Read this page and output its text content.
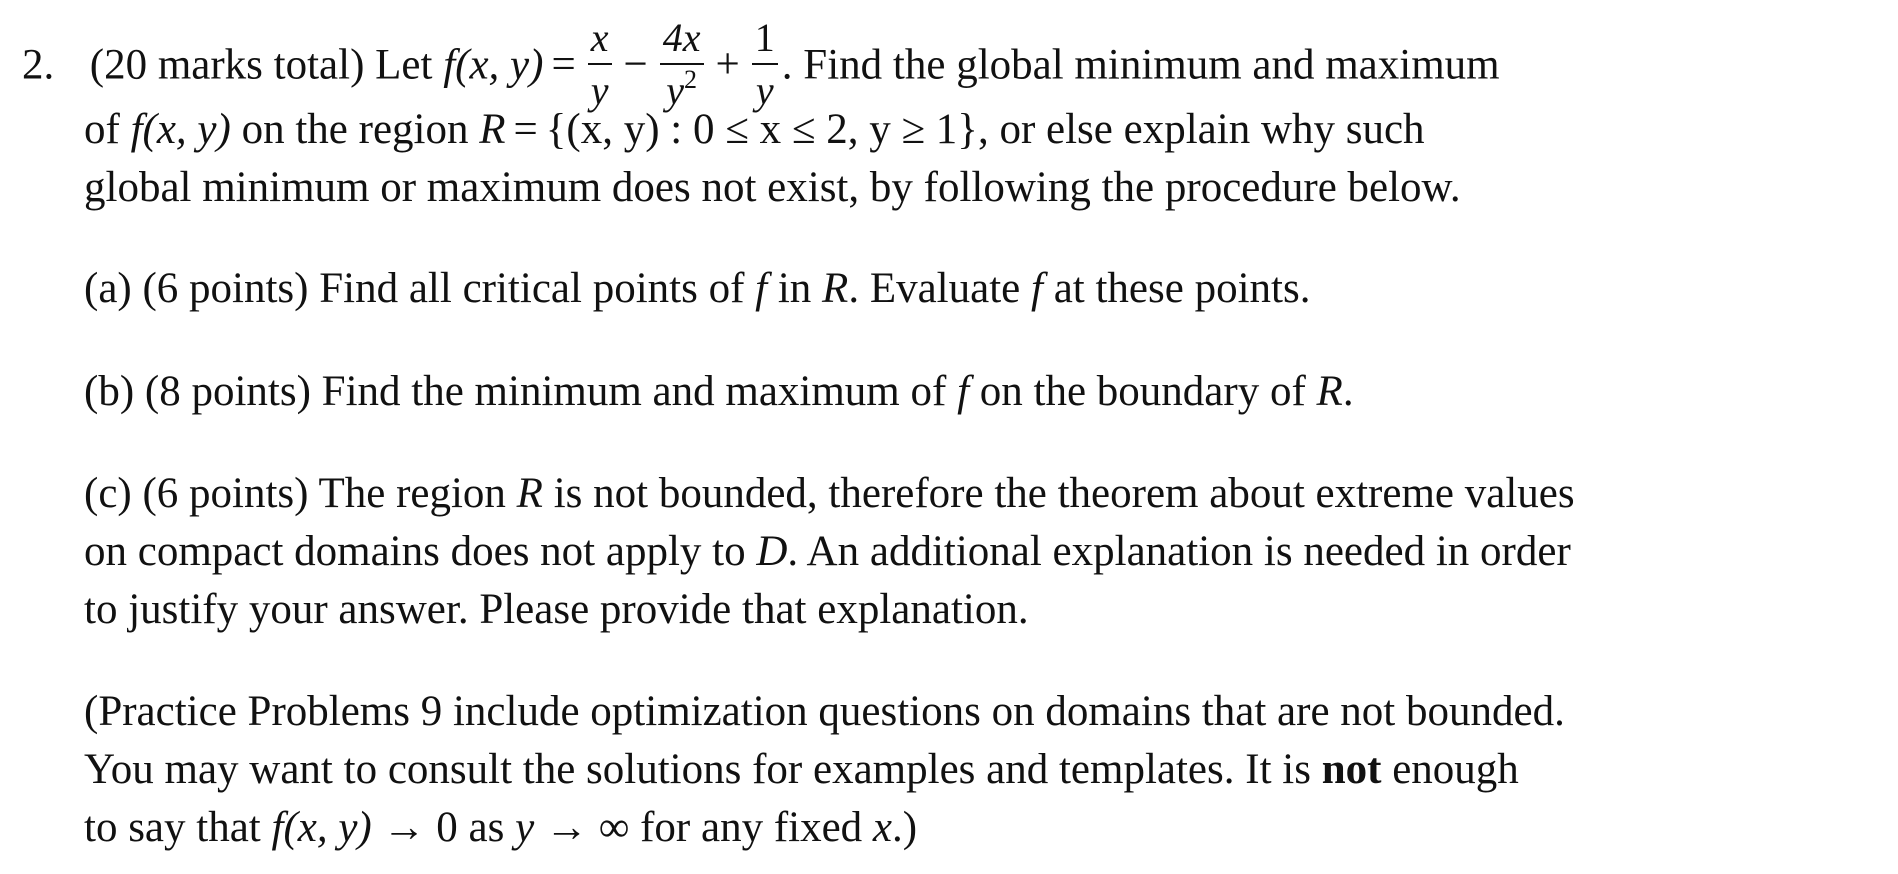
2. (20 marks total) Let f(x, $y) = \frac{x}{y} - \frac{4x}{y^2} + \frac{1}{y}$ . Find the global minimum and maximum
of f(x, y) on the region R = {(x, y) : 0 ≤ x ≤ 2, y ≥ 1}, or else explain why such
global minimum or maximum does not exist, by following the procedure below.
(a) (6 points) Find all critical points of f in R. Evaluate f at these points.
(b) (8 points) Find the minimum and maximum of f on the boundary of R.
(c) (6 points) The region R is not bounded, therefore the theorem about extreme values
on compact domains does not apply to D. An additional explanation is needed in order
to justify your answer. Please provide that explanation.
(Practice Problems 9 include optimization questions on domains that are not bounded.
You may want to consult the solutions for examples and templates. It is not enough
to say that f(x, y) → 0 as y → ∞ for any fixed x.)
